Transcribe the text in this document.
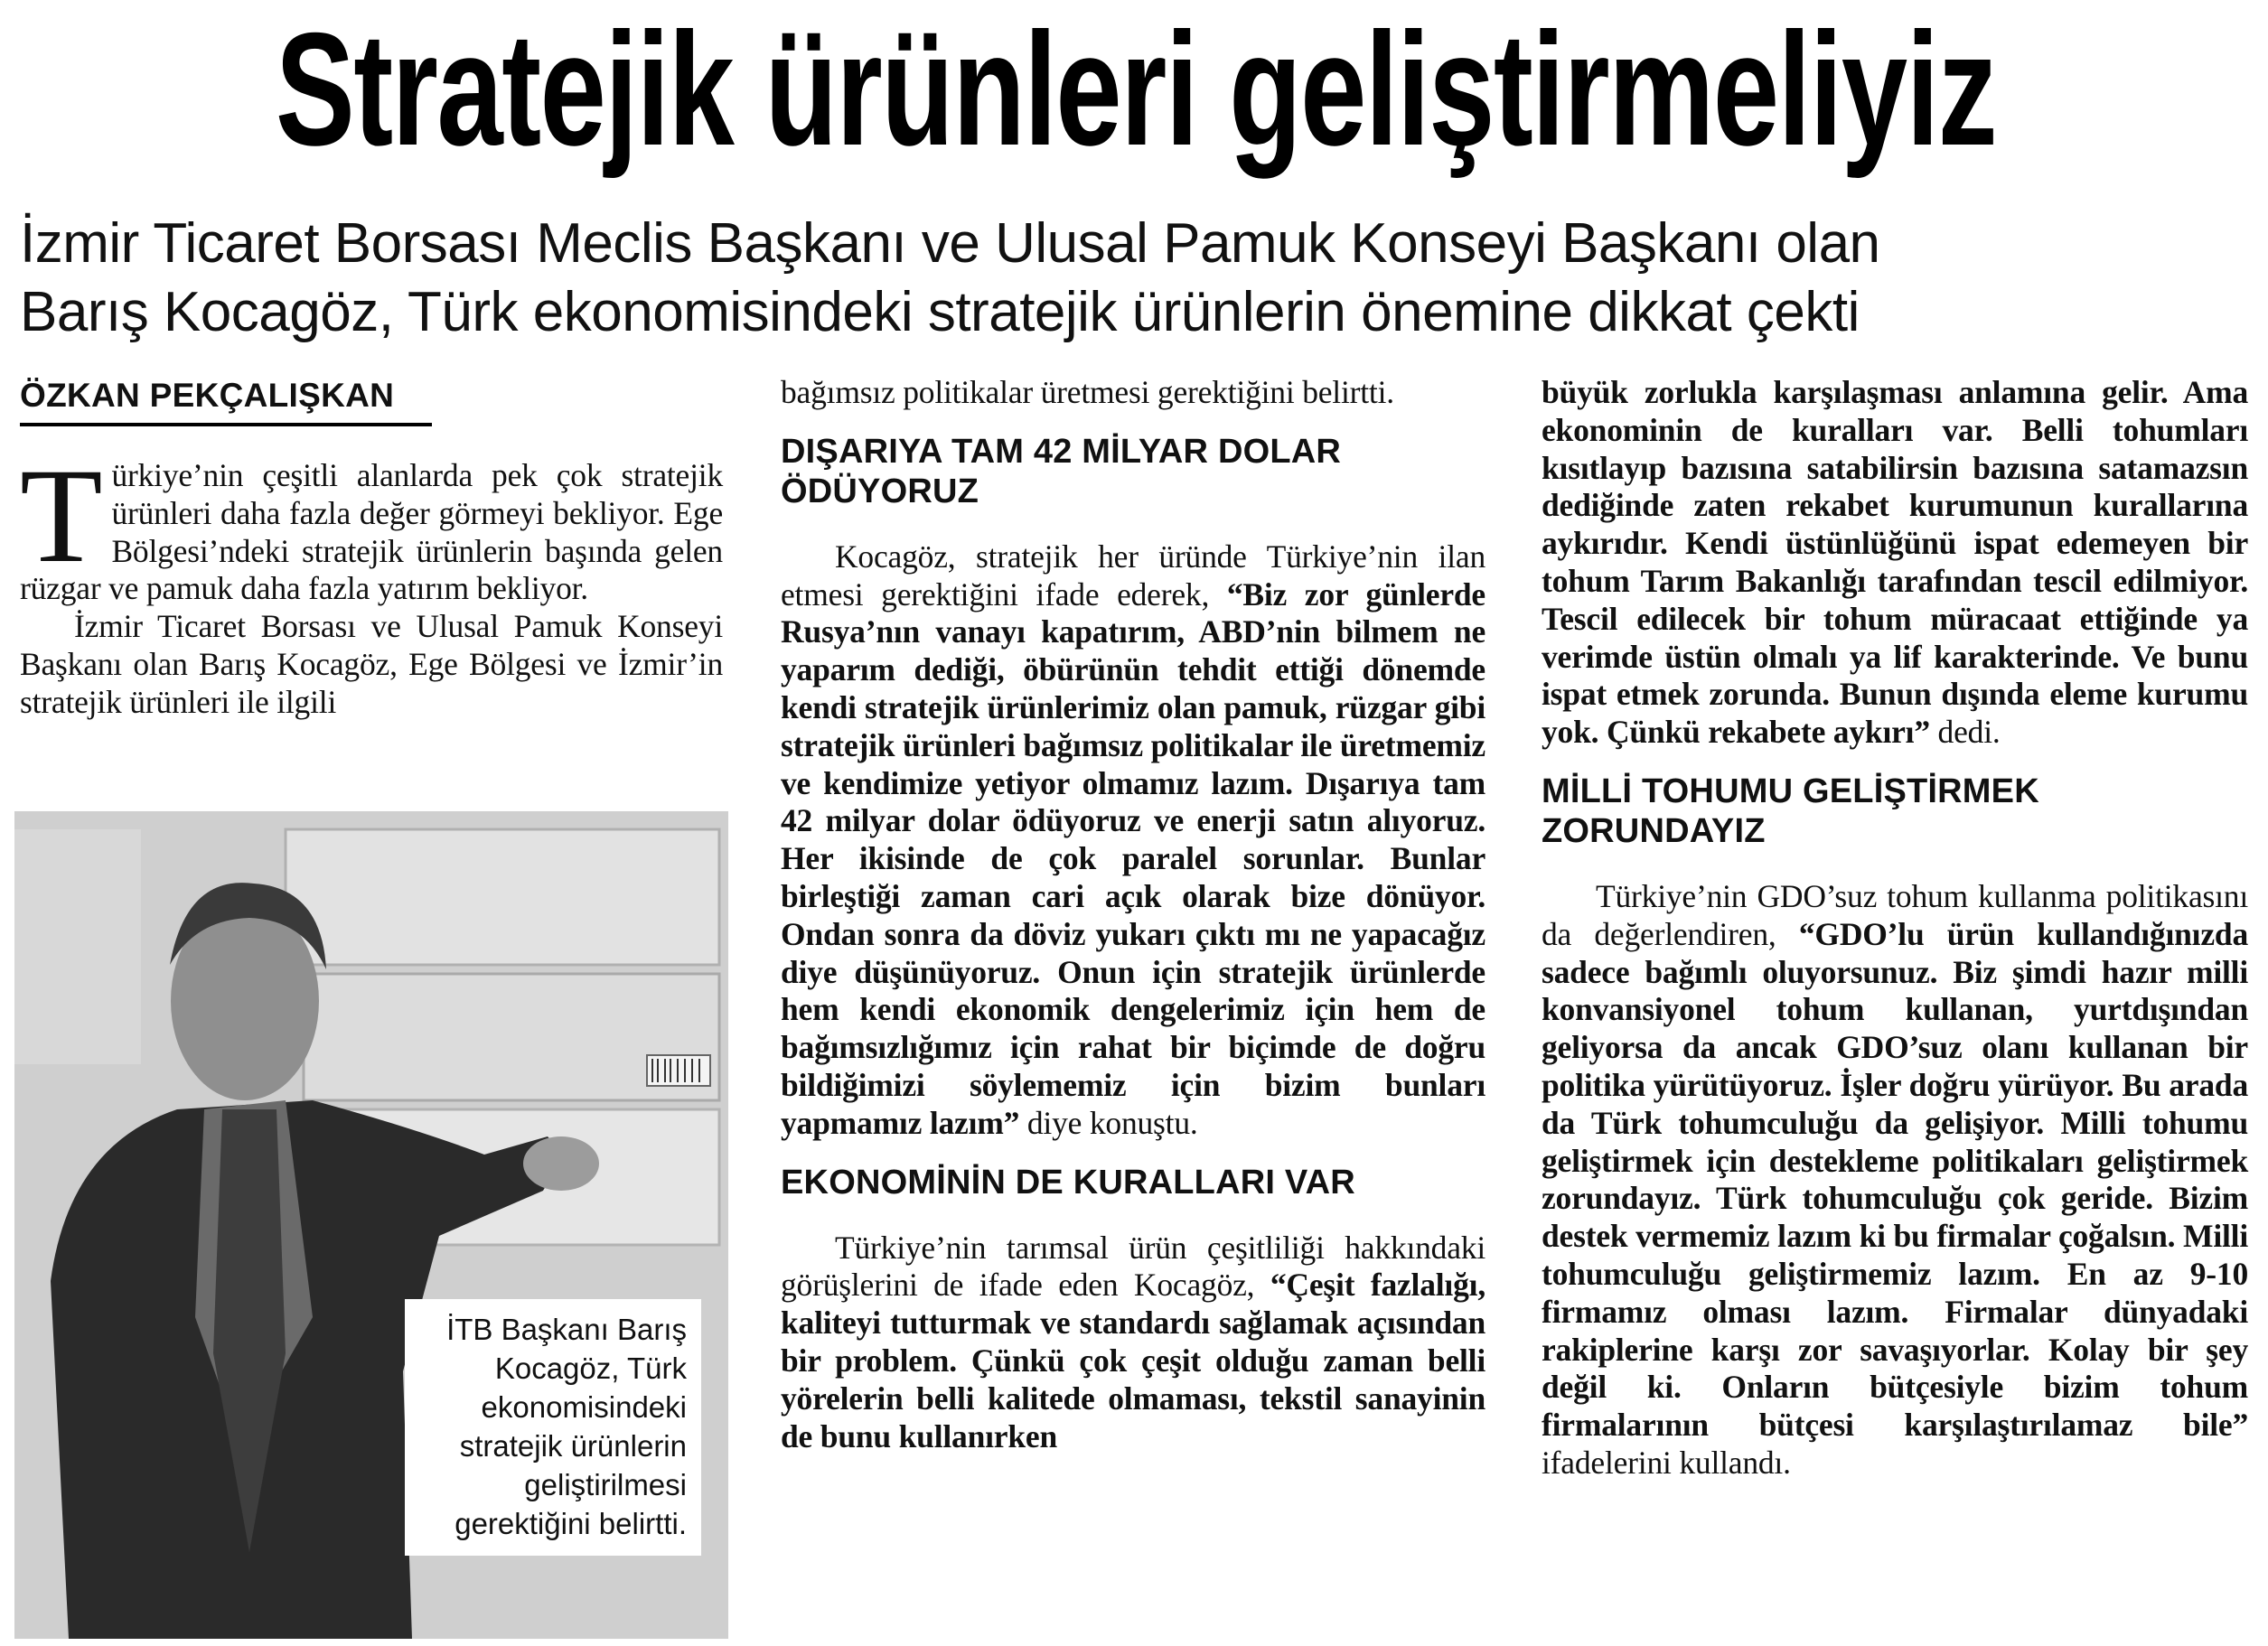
Stratejik ürünleri geliştirmeliyiz
İzmir Ticaret Borsası Meclis Başkanı ve Ulusal Pamuk Konseyi Başkanı olan
Barış Kocagöz, Türk ekonomisindeki stratejik ürünlerin önemine dikkat çekti
ÖZKAN PEKÇALIŞKAN

Türkiye’nin çeşitli alanlarda pek çok stratejik ürünleri daha fazla değer görmeyi bekliyor. Ege Bölgesi’ndeki stratejik ürünlerin başında gelen rüzgar ve pamuk daha fazla yatırım bekliyor.

İzmir Ticaret Borsası ve Ulusal Pamuk Konseyi Başkanı olan Barış Kocagöz, Ege Bölgesi ve İzmir’in stratejik ürünleri ile ilgili

İTB Başkanı Barış Kocagöz, Türk ekonomisindeki stratejik ürünlerin geliştirilmesi gerektiğini belirtti.

bağımsız politikalar üretmesi gerektiğini belirtti.

DIŞARIYA TAM 42 MİLYAR DOLAR ÖDÜYORUZ

Kocagöz, stratejik her üründe Türkiye’nin ilan etmesi gerektiğini ifade ederek, “Biz zor günlerde Rusya’nın vanayı kapatırım, ABD’nin bilmem ne yaparım dediği, öbürünün tehdit ettiği dönemde kendi stratejik ürünlerimiz olan pamuk, rüzgar gibi stratejik ürünleri bağımsız politikalar ile üretmemiz ve kendimize yetiyor olmamız lazım. Dışarıya tam 42 milyar dolar ödüyoruz ve enerji satın alıyoruz. Her ikisinde de çok paralel sorunlar. Bunlar birleştiği zaman cari açık olarak bize dönüyor. Ondan sonra da döviz yukarı çıktı mı ne yapacağız diye düşünüyoruz. Onun için stratejik ürünlerde hem kendi ekonomik dengelerimiz için hem de bağımsızlığımız için rahat bir biçimde de doğru bildiğimizi söylememiz için bizim bunları yapmamız lazım” diye konuştu.

EKONOMİNİN DE KURALLARI VAR

Türkiye’nin tarımsal ürün çeşitliliği hakkındaki görüşlerini de ifade eden Kocagöz, “Çeşit fazlalığı, kaliteyi tutturmak ve standardı sağlamak açısından bir problem. Çünkü çok çeşit olduğu zaman belli yörelerin belli kalitede olmaması, tekstil sanayinin de bunu kullanırken

büyük zorlukla karşılaşması anlamına gelir. Ama ekonominin de kuralları var. Belli tohumları kısıtlayıp bazısına satabilirsin bazısına satamazsın dediğinde zaten rekabet kurumunun kurallarına aykırıdır. Kendi üstünlüğünü ispat edemeyen bir tohum Tarım Bakanlığı tarafından tescil edilmiyor. Tescil edilecek bir tohum müracaat ettiğinde ya verimde üstün olmalı ya lif karakterinde. Ve bunu ispat etmek zorunda. Bunun dışında eleme kurumu yok. Çünkü rekabete aykırı” dedi.

MİLLİ TOHUMU GELİŞTİRMEK ZORUNDAYIZ

Türkiye’nin GDO’suz tohum kullanma politikasını da değerlendiren, “GDO’lu ürün kullandığınızda sadece bağımlı oluyorsunuz. Biz şimdi hazır milli konvansiyonel tohum kullanan, yurtdışından geliyorsa da ancak GDO’suz olanı kullanan bir politika yürütüyoruz. İşler doğru yürüyor. Bu arada da Türk tohumculuğu da gelişiyor. Milli tohumu geliştirmek için destekleme politikaları geliştirmek zorundayız. Türk tohumculuğu çok geride. Bizim destek vermemiz lazım ki bu firmalar çoğalsın. Milli tohumculuğu geliştirmemiz lazım. En az 9-10 firmamız olması lazım. Firmalar dünyadaki rakiplerine karşı zor savaşıyorlar. Kolay bir şey değil ki. Onların bütçesiyle bizim tohum firmalarının bütçesi karşılaştırılamaz bile” ifadelerini kullandı.
